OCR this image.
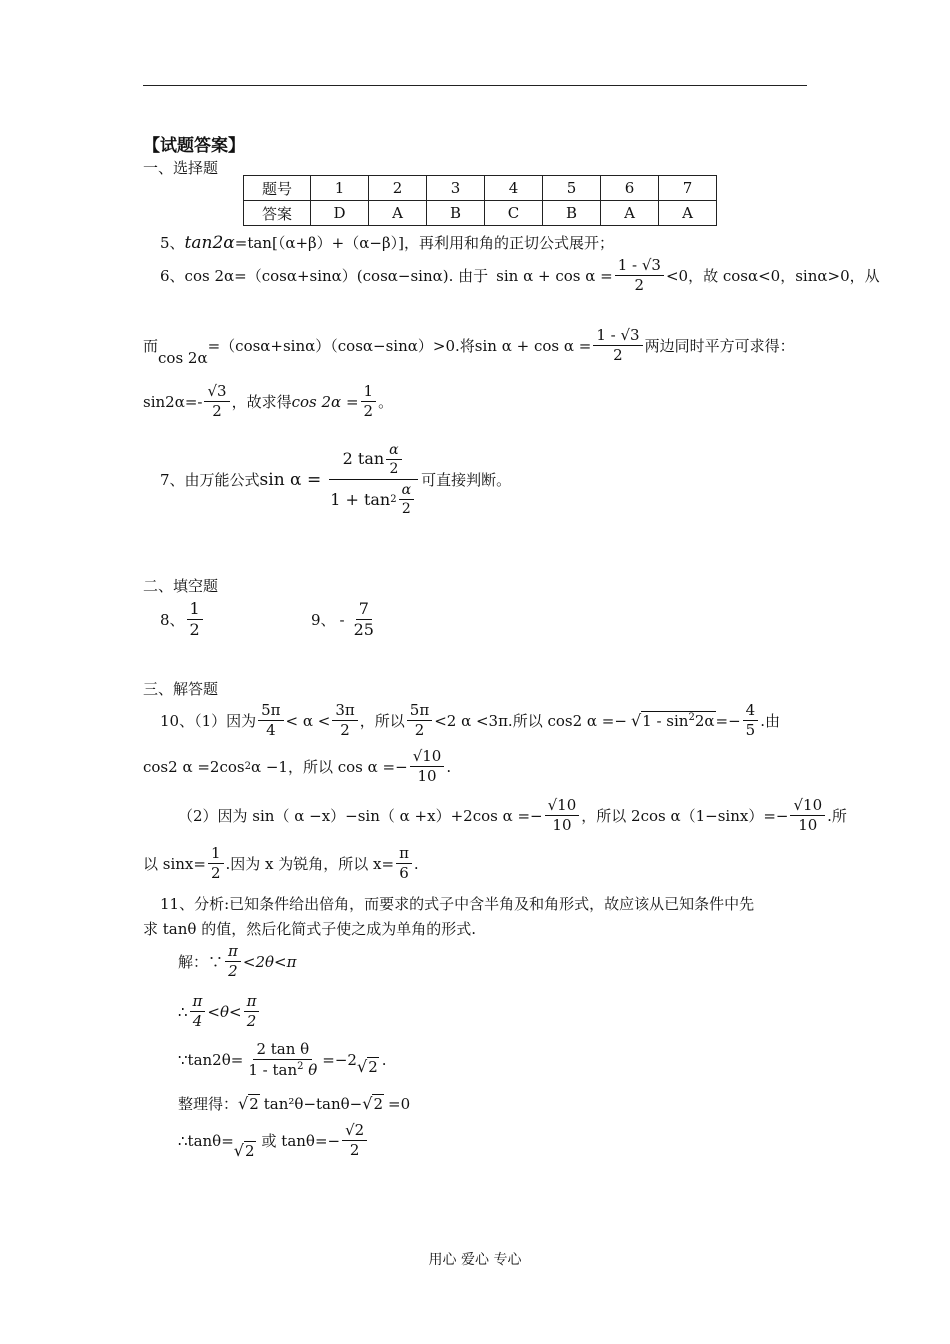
【试题答案】
一、选择题
题号	1	2	3	4	5	6	7
答案	D	A	B	C	B	A	A
5、tan2α=tan[（α+β）+（α−β）]，再利用和角的正切公式展开；
6、 cos 2α =（cosα+sinα）(cosα−sinα). 由于 $\sin \alpha + \cos \alpha = \frac{1 - √3}{2} <0$，故 cosα<0 ，sinα>0，从
而
cos 2α
=（cosα+sinα）（cosα−sinα）>0.将 $\sin \alpha + \cos \alpha = \frac{1 - √3}{2}$ 两边同时平方可求得：
$\sin 2\alpha= - \frac{√3}{2}$ ，故求得 $\cos 2\alpha = \frac{1}{2}$ 。
7、由万能公式 $\sin \alpha = \frac{2 \tan \frac{\alpha}{2}}{1 + \tan 2 \frac{\alpha}{2}}$ 可直接判断。
二、填空题
8、 $\frac{1}{2}$	9、 - $\frac{7}{25}$
三、解答题
10、（1）因为 $\frac{5\pi}{4} < \alpha < \frac{3\pi}{2}$ ，所以 $\frac{5\pi}{2} <2$ α <3π.所以 cos2 $\alpha =- √1 - \sin^22\alpha =- \frac{4}{5}$ .由
cos2 α =2cos 2 α −1，所以 $\cos \alpha =- \frac{√10}{10}$ .
（2）因为 sin（ α −x）−sin（ α +x）+2cos $\alpha =- \frac{√10}{10}$ ，所以 2cos $\alpha(1-\sin x)=- \frac{√10}{10}$ .所
以 $\sin x= \frac{1}{2}$ .因为 x 为锐角，所以 $x= \frac{\pi}{6}$ .
11、分析:已知条件给出倍角，而要求的式子中含半角及和角形式，故应该从已知条件中先
求 tanθ 的值，然后化简式子使之成为单角的形式.
解：∵ $\frac{\pi}{2} <2\theta<\pi$
∴ $\frac{\pi}{4} <\theta< \frac{\pi}{2}$
∵tan2θ= $\frac{\text{2 tan θ}}{1 - \tan^2 \theta} =-2$ √2 .
整理得： √2 tan²θ−tanθ− √2 =0
∴tanθ=
√2
或 $\tan\theta=- \frac{√2}{2}$
用心 爱心 专心
